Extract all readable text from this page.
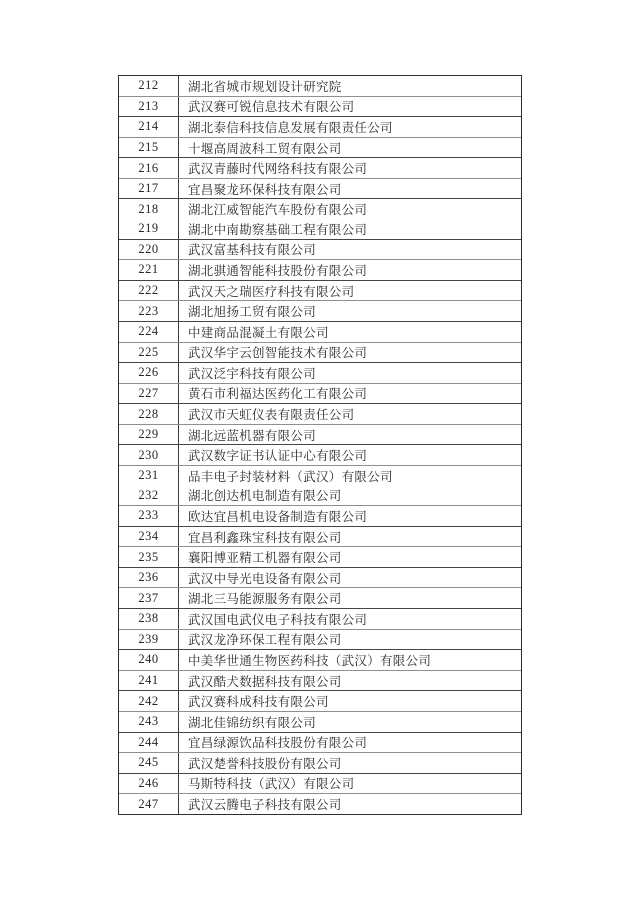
212	湖北省城市规划设计研究院
213	武汉赛可锐信息技术有限公司
214	湖北泰信科技信息发展有限责任公司
215	十堰高周波科工贸有限公司
216	武汉青藤时代网络科技有限公司
217	宜昌聚龙环保科技有限公司
218	湖北江威智能汽车股份有限公司
219	湖北中南勘察基础工程有限公司
220	武汉富基科技有限公司
221	湖北骐通智能科技股份有限公司
222	武汉天之瑞医疗科技有限公司
223	湖北旭扬工贸有限公司
224	中建商品混凝土有限公司
225	武汉华宇云创智能技术有限公司
226	武汉泛宇科技有限公司
227	黄石市利福达医药化工有限公司
228	武汉市天虹仪表有限责任公司
229	湖北远蓝机器有限公司
230	武汉数字证书认证中心有限公司
231	品丰电子封装材料（武汉）有限公司
232	湖北创达机电制造有限公司
233	欧达宜昌机电设备制造有限公司
234	宜昌利鑫珠宝科技有限公司
235	襄阳博亚精工机器有限公司
236	武汉中导光电设备有限公司
237	湖北三马能源服务有限公司
238	武汉国电武仪电子科技有限公司
239	武汉龙净环保工程有限公司
240	中美华世通生物医药科技（武汉）有限公司
241	武汉酷犬数据科技有限公司
242	武汉赛科成科技有限公司
243	湖北佳锦纺织有限公司
244	宜昌绿源饮品科技股份有限公司
245	武汉楚誉科技股份有限公司
246	马斯特科技（武汉）有限公司
247	武汉云腾电子科技有限公司
